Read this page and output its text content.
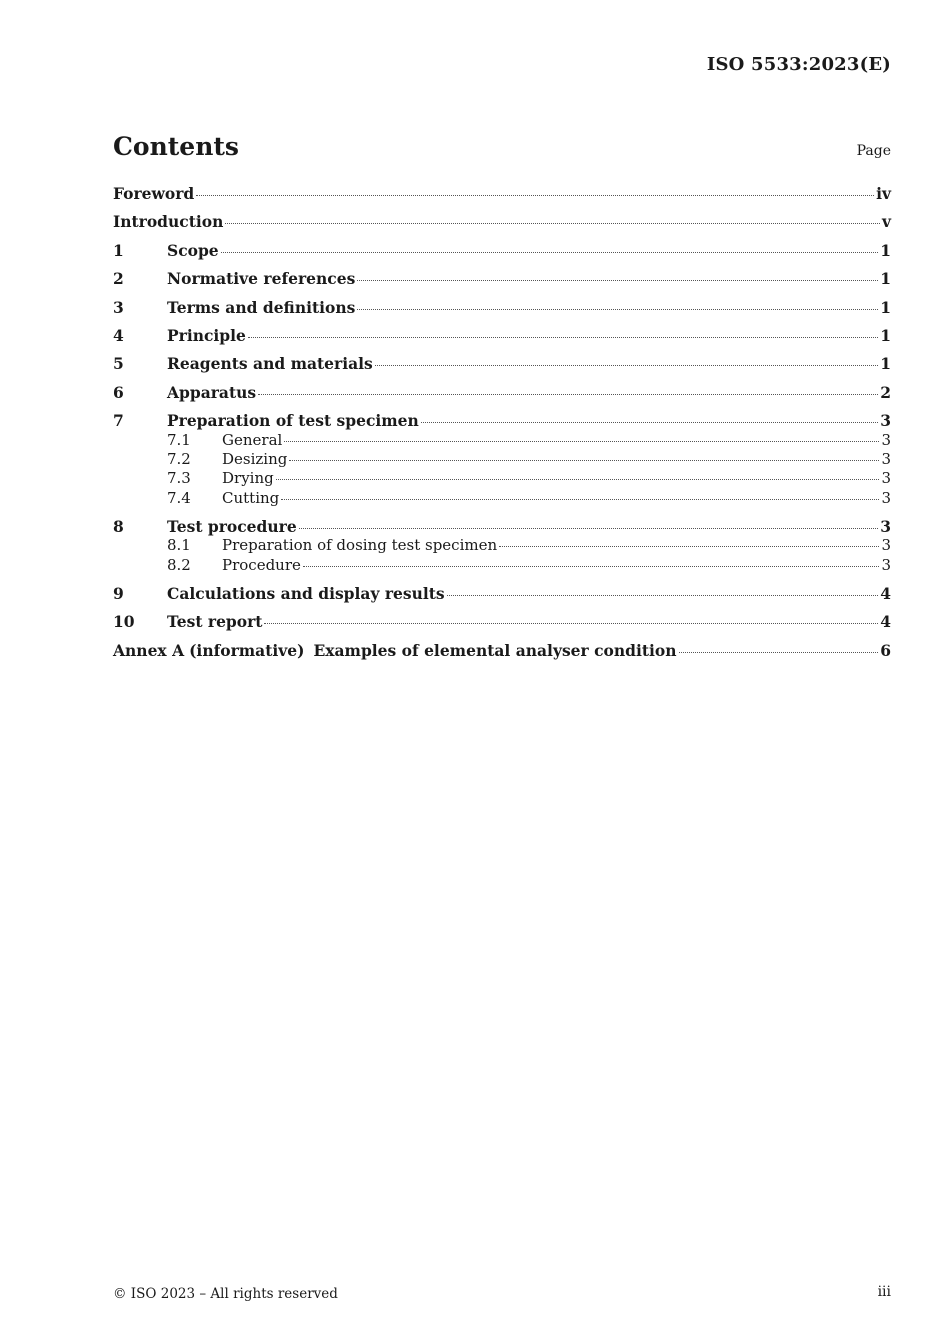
ISO 5533:2023(E)
Contents	Page
Foreword	iv
Introduction	v
1	Scope	1
2	Normative references	1
3	Terms and definitions	1
4	Principle	1
5	Reagents and materials	1
6	Apparatus	2
7	Preparation of test specimen	3
7.1	General	3
7.2	Desizing	3
7.3	Drying	3
7.4	Cutting	3
8	Test procedure	3
8.1	Preparation of dosing test specimen	3
8.2	Procedure	3
9	Calculations and display results	4
10	Test report	4
Annex A (informative) Examples of elemental analyser condition	6
© ISO 2023 – All rights reserved	iii
